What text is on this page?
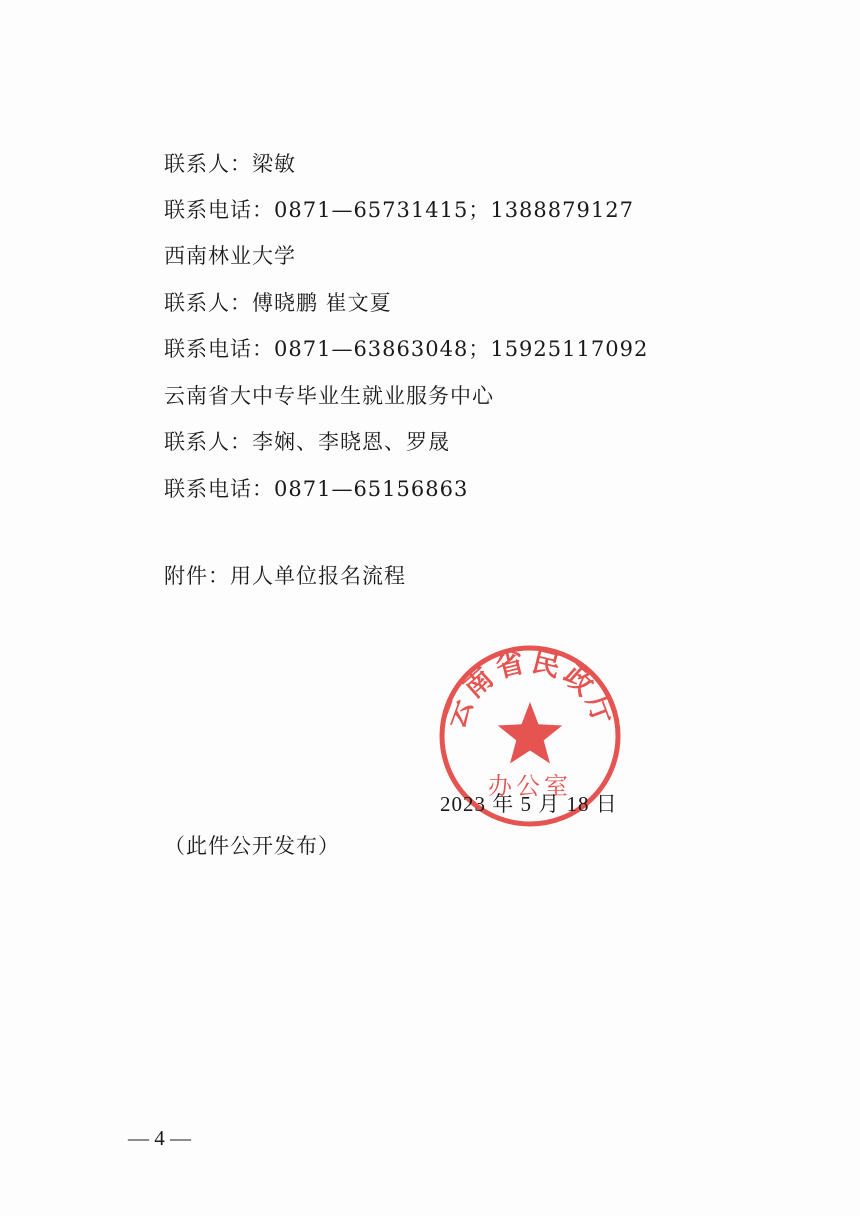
联系人：梁敏
联系电话：0871—65731415；1388879127
西南林业大学
联系人：傅晓鹏 崔文夏
联系电话：0871—63863048；15925117092
云南省大中专毕业生就业服务中心
联系人：李娴、李晓恩、罗晟
联系电话：0871—65156863
附件：用人单位报名流程
云南省民政厅
办公室
2023 年 5 月 18 日
（此件公开发布）
— 4 —
